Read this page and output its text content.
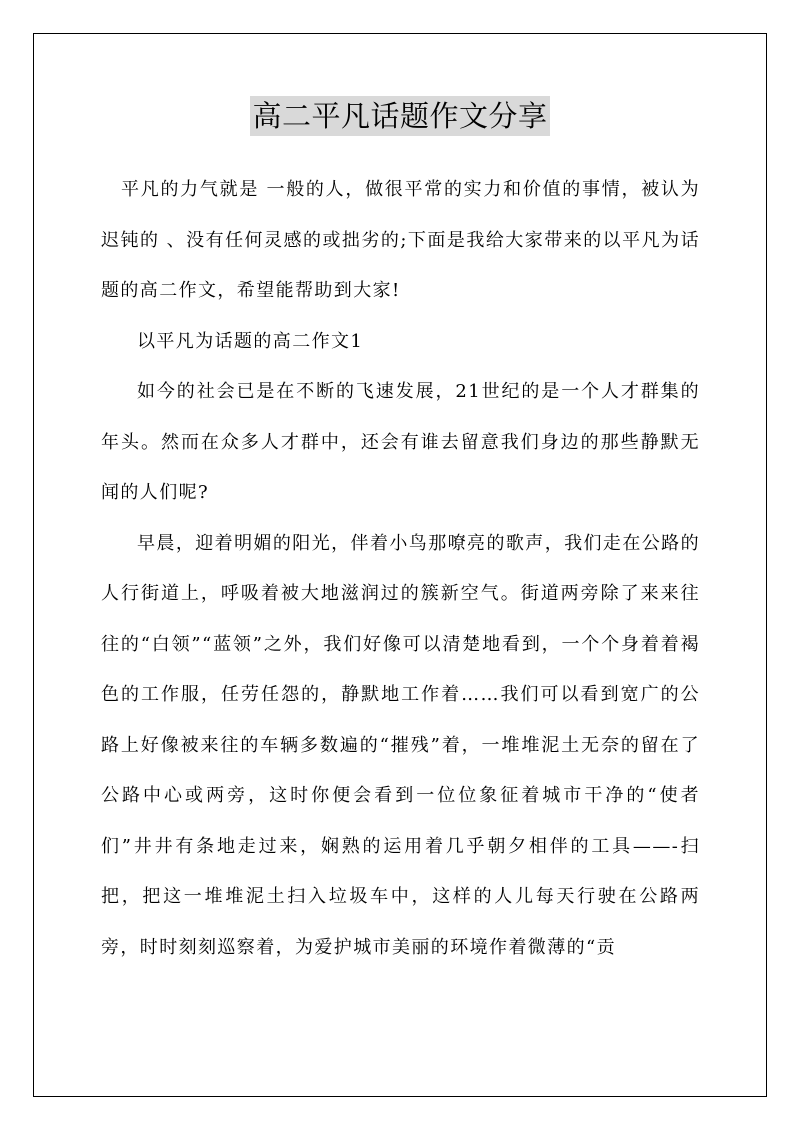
高二平凡话题作文分享

平凡的力气就是 一般的人，做很平常的实力和价值的事情，被认为迟钝的 、没有任何灵感的或拙劣的;下面是我给大家带来的以平凡为话题的高二作文，希望能帮助到大家!

以平凡为话题的高二作文1

如今的社会已是在不断的飞速发展，21世纪的是一个人才群集的年头。然而在众多人才群中，还会有谁去留意我们身边的那些静默无闻的人们呢?

早晨，迎着明媚的阳光，伴着小鸟那嘹亮的歌声，我们走在公路的人行街道上，呼吸着被大地滋润过的簇新空气。街道两旁除了来来往往的“白领”“蓝领”之外，我们好像可以清楚地看到，一个个身着着褐色的工作服，任劳任怨的，静默地工作着……我们可以看到宽广的公路上好像被来往的车辆多数遍的“摧残”着，一堆堆泥土无奈的留在了公路中心或两旁，这时你便会看到一位位象征着城市干净的“使者们”井井有条地走过来，娴熟的运用着几乎朝夕相伴的工具——-扫把，把这一堆堆泥土扫入垃圾车中，这样的人儿每天行驶在公路两旁，时时刻刻巡察着，为爱护城市美丽的环境作着微薄的“贡
